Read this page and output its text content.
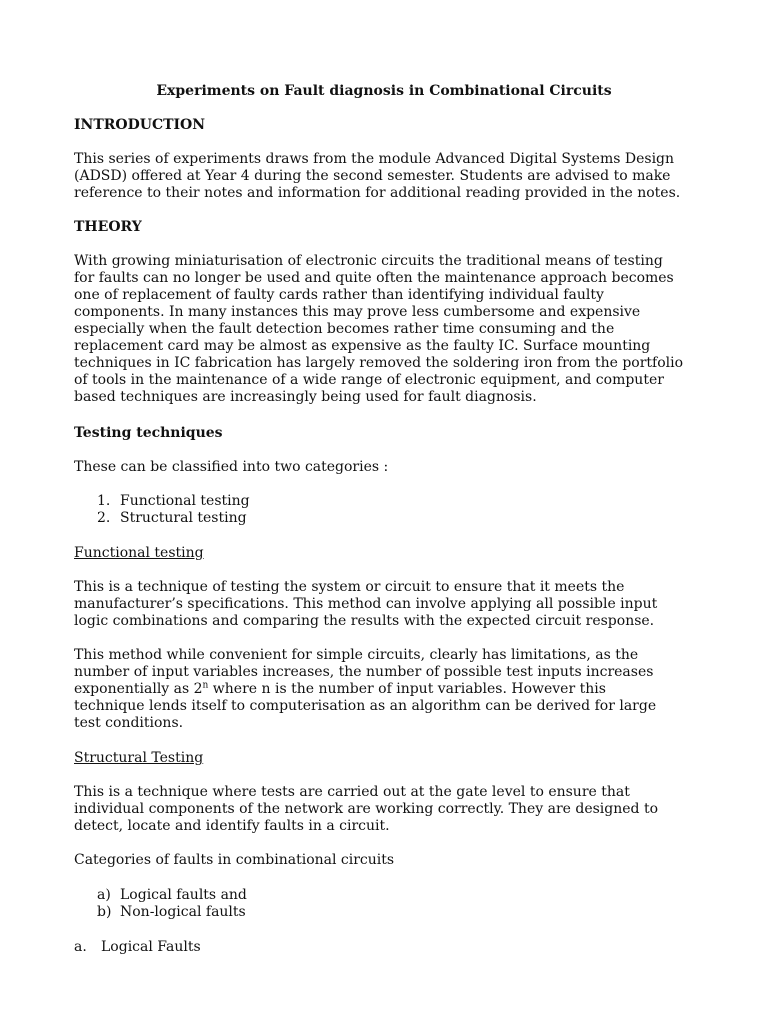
Experiments on Fault diagnosis in Combinational Circuits
INTRODUCTION
This series of experiments draws from the module Advanced Digital Systems Design
(ADSD) offered at Year 4 during the second semester. Students are advised to make
reference to their notes and information for additional reading provided in the notes.
THEORY
With growing miniaturisation of electronic circuits the traditional means of testing
for faults can no longer be used and quite often the maintenance approach becomes
one of replacement of faulty cards rather than identifying individual faulty
components. In many instances this may prove less cumbersome and expensive
especially when the fault detection becomes rather time consuming and the
replacement card may be almost as expensive as the faulty IC. Surface mounting
techniques in IC fabrication has largely removed the soldering iron from the portfolio
of tools in the maintenance of a wide range of electronic equipment, and computer
based techniques are increasingly being used for fault diagnosis.
Testing techniques
These can be classified into two categories :
1. Functional testing
2. Structural testing
Functional testing
This is a technique of testing the system or circuit to ensure that it meets the
manufacturer’s specifications. This method can involve applying all possible input
logic combinations and comparing the results with the expected circuit response.
This method while convenient for simple circuits, clearly has limitations, as the
number of input variables increases, the number of possible test inputs increases
exponentially as 2$^n$ where n is the number of input variables. However this
technique lends itself to computerisation as an algorithm can be derived for large
test conditions.
Structural Testing
This is a technique where tests are carried out at the gate level to ensure that
individual components of the network are working correctly. They are designed to
detect, locate and identify faults in a circuit.
Categories of faults in combinational circuits
a) Logical faults and
b) Non-logical faults
a. Logical Faults
